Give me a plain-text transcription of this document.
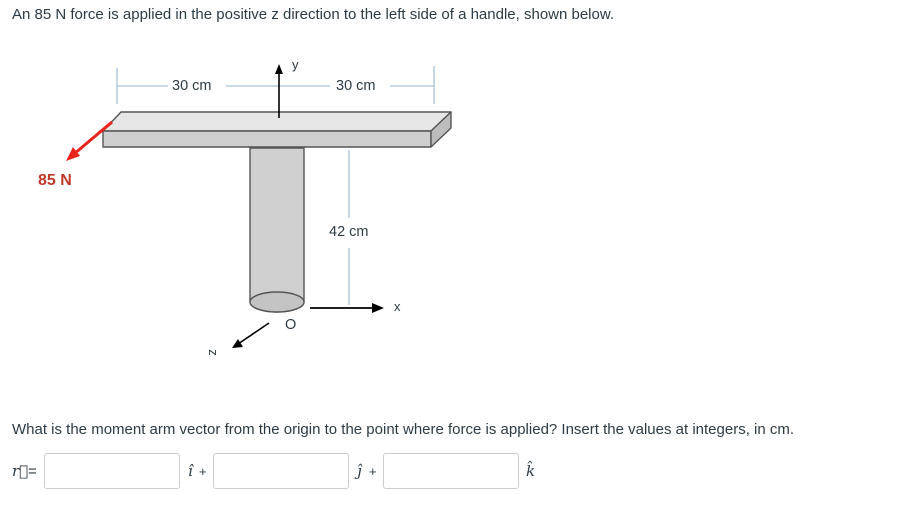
An 85 N force is applied in the positive z direction to the left side of a handle, shown below.
30 cm	30 cm
42 cm
85 N
y
x
z
O
What is the moment arm vector from the origin to the point where force is applied? Insert the values at integers, in cm.
r⃗ =	î +	ĵ +	k̂
